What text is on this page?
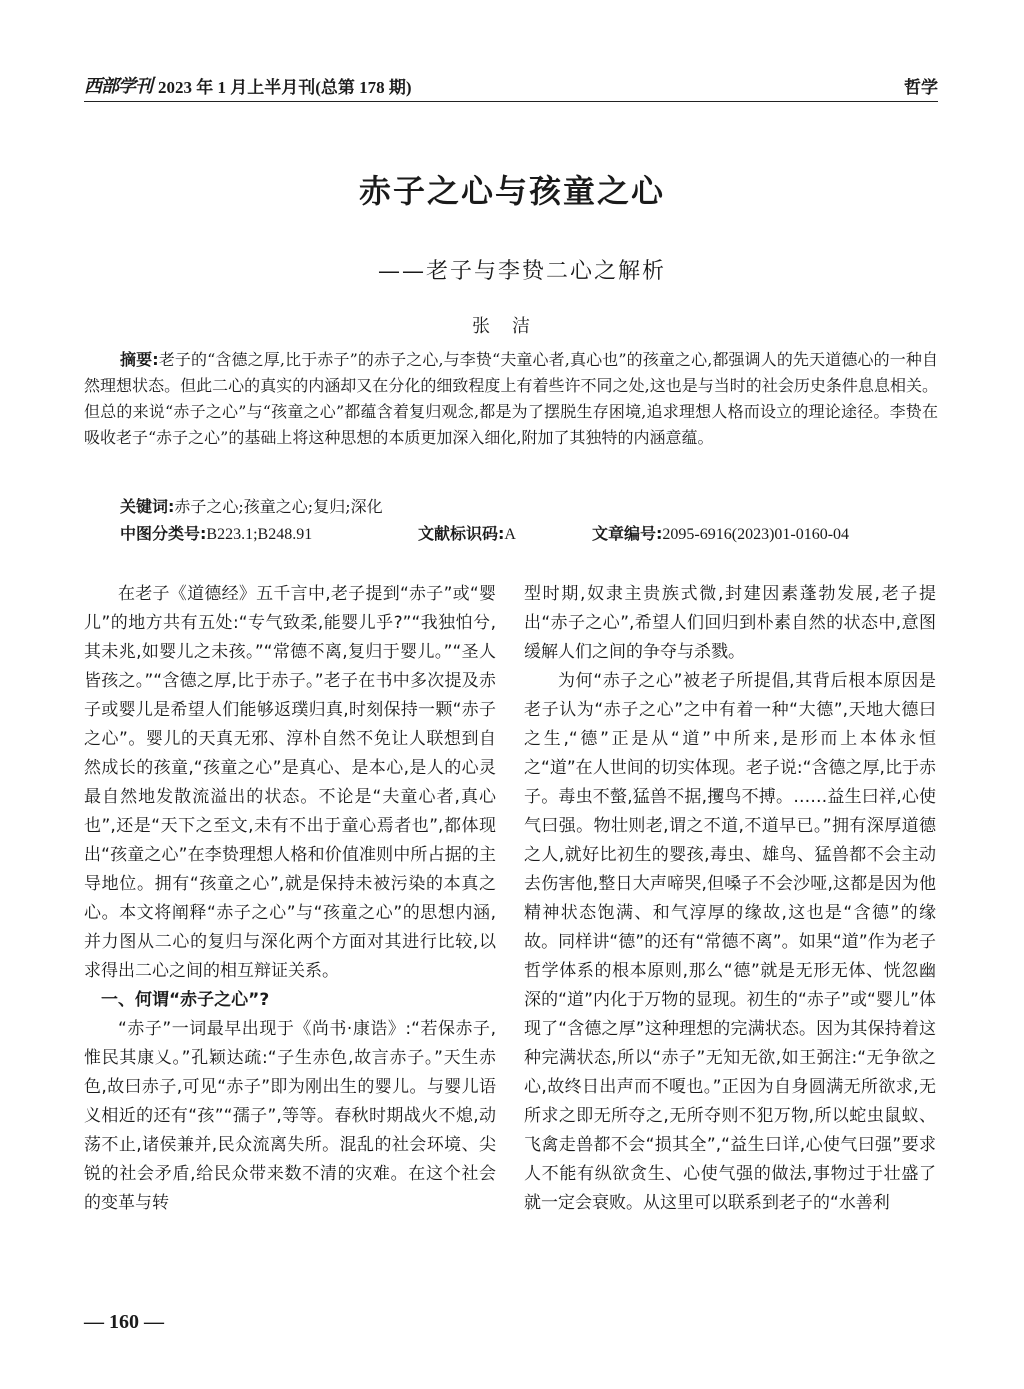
西部学刊 2023 年 1 月上半月刊(总第 178 期)	哲学
赤子之心与孩童之心
——老子与李贽二心之解析
张洁
摘要:老子的“含德之厚,比于赤子”的赤子之心,与李贽“夫童心者,真心也”的孩童之心,都强调人的先天道德心的一种自然理想状态。但此二心的真实的内涵却又在分化的细致程度上有着些许不同之处,这也是与当时的社会历史条件息息相关。但总的来说“赤子之心”与“孩童之心”都蕴含着复归观念,都是为了摆脱生存困境,追求理想人格而设立的理论途径。李贽在吸收老子“赤子之心”的基础上将这种思想的本质更加深入细化,附加了其独特的内涵意蕴。
关键词:赤子之心;孩童之心;复归;深化
中图分类号:B223.1;B248.91	文献标识码:A	文章编号:2095-6916(2023)01-0160-04

在老子《道德经》五千言中,老子提到“赤子”或“婴儿”的地方共有五处:“专气致柔,能婴儿乎?”“我独怕兮,其未兆,如婴儿之未孩。”“常德不离,复归于婴儿。”“圣人皆孩之。”“含德之厚,比于赤子。”老子在书中多次提及赤子或婴儿是希望人们能够返璞归真,时刻保持一颗“赤子之心”。婴儿的天真无邪、淳朴自然不免让人联想到自然成长的孩童,“孩童之心”是真心、是本心,是人的心灵最自然地发散流溢出的状态。不论是“夫童心者,真心也”,还是“天下之至文,未有不出于童心焉者也”,都体现出“孩童之心”在李贽理想人格和价值准则中所占据的主导地位。拥有“孩童之心”,就是保持未被污染的本真之心。本文将阐释“赤子之心”与“孩童之心”的思想内涵,并力图从二心的复归与深化两个方面对其进行比较,以求得出二心之间的相互辩证关系。

一、何谓“赤子之心”?

“赤子”一词最早出现于《尚书·康诰》:“若保赤子,惟民其康乂。”孔颖达疏:“子生赤色,故言赤子。”天生赤色,故曰赤子,可见“赤子”即为刚出生的婴儿。与婴儿语义相近的还有“孩”“孺子”,等等。春秋时期战火不熄,动荡不止,诸侯兼并,民众流离失所。混乱的社会环境、尖锐的社会矛盾,给民众带来数不清的灾难。在这个社会的变革与转

型时期,奴隶主贵族式微,封建因素蓬勃发展,老子提出“赤子之心”,希望人们回归到朴素自然的状态中,意图缓解人们之间的争夺与杀戮。

为何“赤子之心”被老子所提倡,其背后根本原因是老子认为“赤子之心”之中有着一种“大德”,天地大德曰之生,“德”正是从“道”中所来,是形而上本体永恒之“道”在人世间的切实体现。老子说:“含德之厚,比于赤子。毒虫不螫,猛兽不据,攫鸟不搏。……益生曰祥,心使气曰强。物壮则老,谓之不道,不道早已。”拥有深厚道德之人,就好比初生的婴孩,毒虫、雄鸟、猛兽都不会主动去伤害他,整日大声啼哭,但嗓子不会沙哑,这都是因为他精神状态饱满、和气淳厚的缘故,这也是“含德”的缘故。同样讲“德”的还有“常德不离”。如果“道”作为老子哲学体系的根本原则,那么“德”就是无形无体、恍忽幽深的“道”内化于万物的显现。初生的“赤子”或“婴儿”体现了“含德之厚”这种理想的完满状态。因为其保持着这种完满状态,所以“赤子”无知无欲,如王弼注:“无争欲之心,故终日出声而不嗄也。”正因为自身圆满无所欲求,无所求之即无所夺之,无所夺则不犯万物,所以蛇虫鼠蚁、飞禽走兽都不会“损其全”,“益生曰详,心使气曰强”要求人不能有纵欲贪生、心使气强的做法,事物过于壮盛了就一定会衰败。从这里可以联系到老子的“水善利

— 160 —
